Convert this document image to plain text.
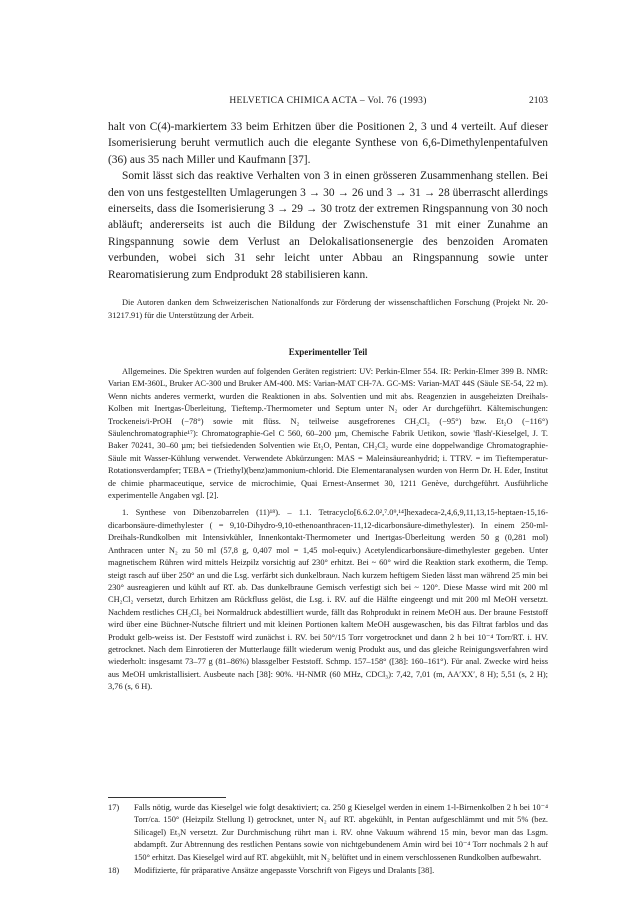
HELVETICA CHIMICA ACTA – Vol. 76 (1993)	2103

halt von C(4)-markiertem 33 beim Erhitzen über die Positionen 2, 3 und 4 verteilt. Auf dieser Isomerisierung beruht vermutlich auch die elegante Synthese von 6,6-Dimethylenpentafulven (36) aus 35 nach Miller und Kaufmann [37].

Somit lässt sich das reaktive Verhalten von 3 in einen grösseren Zusammenhang stellen. Bei den von uns festgestellten Umlagerungen 3 → 30 → 26 und 3 → 31 → 28 überrascht allerdings einerseits, dass die Isomerisierung 3 → 29 → 30 trotz der extremen Ringspannung von 30 noch abläuft; andererseits ist auch die Bildung der Zwischenstufe 31 mit einer Zunahme an Ringspannung sowie dem Verlust an Delokalisationsenergie des benzoiden Aromaten verbunden, wobei sich 31 sehr leicht unter Abbau an Ringspannung sowie unter Rearomatisierung zum Endprodukt 28 stabilisieren kann.

Die Autoren danken dem Schweizerischen Nationalfonds zur Förderung der wissenschaftlichen Forschung (Projekt Nr. 20-31217.91) für die Unterstützung der Arbeit.

Experimenteller Teil

Allgemeines. Die Spektren wurden auf folgenden Geräten registriert: UV: Perkin-Elmer 554. IR: Perkin-Elmer 399 B. NMR: Varian EM-360L, Bruker AC-300 und Bruker AM-400. MS: Varian-MAT CH-7A. GC-MS: Varian-MAT 44S (Säule SE-54, 22 m). Wenn nichts anderes vermerkt, wurden die Reaktionen in abs. Solventien und mit abs. Reagenzien in ausgeheizten Dreihals-Kolben mit Inertgas-Überleitung, Tieftemp.-Thermometer und Septum unter N₂ oder Ar durchgeführt. Kältemischungen: Trockeneis/i-PrOH (−78°) sowie mit flüss. N₂ teilweise ausgefrorenes CH₂Cl₂ (−95°) bzw. Et₂O (−116°) Säulenchromatographie¹⁷): Chromatographie-Gel C 560, 60–200 µm, Chemische Fabrik Uetikon, sowie 'flash'-Kieselgel, J. T. Baker 70241, 30–60 µm; bei tiefsiedenden Solventien wie Et₂O, Pentan, CH₂Cl₂ wurde eine doppelwandige Chromatographie-Säule mit Wasser-Kühlung verwendet. Verwendete Abkürzungen: MAS = Maleinsäureanhydrid; i. TTRV. = im Tieftemperatur-Rotationsverdampfer; TEBA = (Triethyl)(benz)ammonium-chlorid. Die Elementaranalysen wurden von Herrn Dr. H. Eder, Institut de chimie pharmaceutique, service de microchimie, Quai Ernest-Ansermet 30, 1211 Genève, durchgeführt. Ausführliche experimentelle Angaben vgl. [2].

1. Synthese von Dibenzobarrelen (11)¹⁸). – 1.1. Tetracyclo[6.6.2.0²,⁷.0⁹,¹⁴]hexadeca-2,4,6,9,11,13,15-heptaen-15,16-dicarbonsäure-dimethylester ( = 9,10-Dihydro-9,10-ethenoanthracen-11,12-dicarbonsäure-dimethylester). In einem 250-ml-Dreihals-Rundkolben mit Intensivkühler, Innenkontakt-Thermometer und Inertgas-Überleitung werden 50 g (0,281 mol) Anthracen unter N₂ zu 50 ml (57,8 g, 0,407 mol = 1,45 mol-equiv.) Acetylendicarbonsäure-dimethylester gegeben. Unter magnetischem Rühren wird mittels Heizpilz vorsichtig auf 230° erhitzt. Bei ~ 60° wird die Reaktion stark exotherm, die Temp. steigt rasch auf über 250° an und die Lsg. verfärbt sich dunkelbraun. Nach kurzem heftigem Sieden lässt man während 25 min bei 230° ausreagieren und kühlt auf RT. ab. Das dunkelbraune Gemisch verfestigt sich bei ~ 120°. Diese Masse wird mit 200 ml CH₂Cl₂ versetzt, durch Erhitzen am Rückfluss gelöst, die Lsg. i. RV. auf die Hälfte eingeengt und mit 200 ml MeOH versetzt. Nachdem restliches CH₂Cl₂ bei Normaldruck abdestilliert wurde, fällt das Rohprodukt in reinem MeOH aus. Der braune Feststoff wird über eine Büchner-Nutsche filtriert und mit kleinen Portionen kaltem MeOH ausgewaschen, bis das Filtrat farblos und das Produkt gelb-weiss ist. Der Feststoff wird zunächst i. RV. bei 50°/15 Torr vorgetrocknet und dann 2 h bei 10⁻⁴ Torr/RT. i. HV. getrocknet. Nach dem Einrotieren der Mutterlauge fällt wiederum wenig Produkt aus, und das gleiche Reinigungsverfahren wird wiederholt: insgesamt 73–77 g (81–86%) blassgelber Feststoff. Schmp. 157–158° ([38]: 160–161°). Für anal. Zwecke wird heiss aus MeOH umkristallisiert. Ausbeute nach [38]: 90%. ¹H-NMR (60 MHz, CDCl₃): 7,42, 7,01 (m, AA′XX′, 8 H); 5,51 (s, 2 H); 3,76 (s, 6 H).

17) Falls nötig, wurde das Kieselgel wie folgt desaktiviert; ca. 250 g Kieselgel werden in einem 1-l-Birnenkolben 2 h bei 10⁻⁴ Torr/ca. 150° (Heizpilz Stellung I) getrocknet, unter N₂ auf RT. abgekühlt, in Pentan aufgeschlämmt und mit 5% (bez. Silicagel) Et₃N versetzt. Zur Durchmischung rührt man i. RV. ohne Vakuum während 15 min, bevor man das Lsgm. abdampft. Zur Abtrennung des restlichen Pentans sowie von nichtgebundenem Amin wird bei 10⁻⁴ Torr nochmals 2 h auf 150° erhitzt. Das Kieselgel wird auf RT. abgekühlt, mit N₂ belüftet und in einem verschlossenen Rundkolben aufbewahrt.
18) Modifizierte, für präparative Ansätze angepasste Vorschrift von Figeys und Dralants [38].
